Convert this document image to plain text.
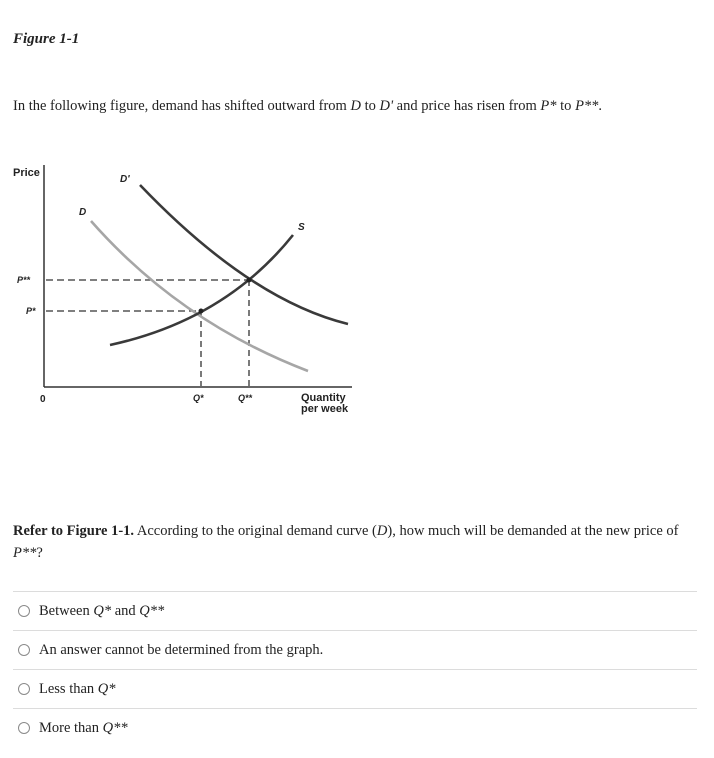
Figure 1-1
In the following figure, demand has shifted outward from D to D' and price has risen from P* to P**.
Price
D'
D
S
P**
P*
0	Q*	Q**	Quantity
per week
Refer to Figure 1-1. According to the original demand curve (D), how much will be demanded at the new price of P**?
Between Q* and Q**
An answer cannot be determined from the graph.
Less than Q*
More than Q**
